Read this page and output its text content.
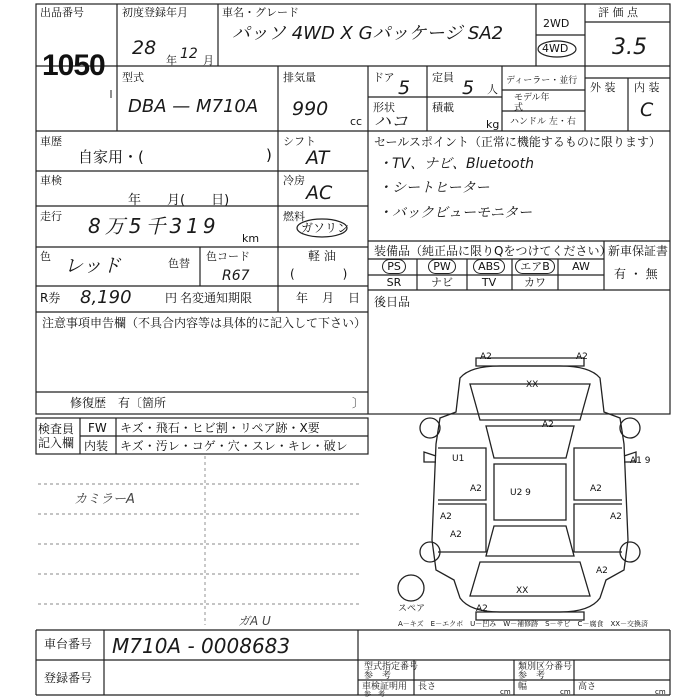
出品番号
1050
初度登録年月
28
年 12 月
車名・グレード
パッソ 4WD X Gパッケージ SA2	2WD
4WD
評 価 点
3.5
型式
DBA — M710A
排気量
990
cc
ドア 5 定員 5 人
形状
ハコ
積載
kg
ディーラー・並行
モデル年式
ハンドル 左・右
外 装 内 装
C
車歴
自家用・(	)
車検
年　　月(　　日)
走行 8万5千319
km
色 レッド	色替
色コード
R67
R券 8,190	円 名変通知期限	年 月 日
シフト
AT
冷房
AC
燃料
ガソリン
軽 油
(　　　　)
セールスポイント（正常に機能するものに限ります）
・TV、ナビ、Bluetooth
・シートヒーター
・バックビューモニター
装備品（純正品に限りQをつけてください）
PS	PW	ABS	エアB	AW
SR	ナビ	TV	カワ
新車保証書
有 ・ 無
後日品
注意事項申告欄（不具合内容等は具体的に記入して下さい）
修復歴 有〔箇所	〕
検査員記入欄
FW キズ・飛石・ヒビ割・リペア跡・X要
内装 キズ・汚レ・コゲ・穴・スレ・キレ・破レ
カミラーA
ガA U
A2	A2
XX
A2
U1	A1 9
A2	A2
U2 9
A2	A2
A2
XX
A2
A2
スペア
A－キズ　E－エクボ　U－凹み　W－補修跡　S－サビ　C－腐食　XX－交換済
車台番号 M710A - 0008683
登録番号
型式指定番号
参　考
類別区分番号
参　考
車検証明用
参　考
長さ	cm 幅	cm 高さ	cm
